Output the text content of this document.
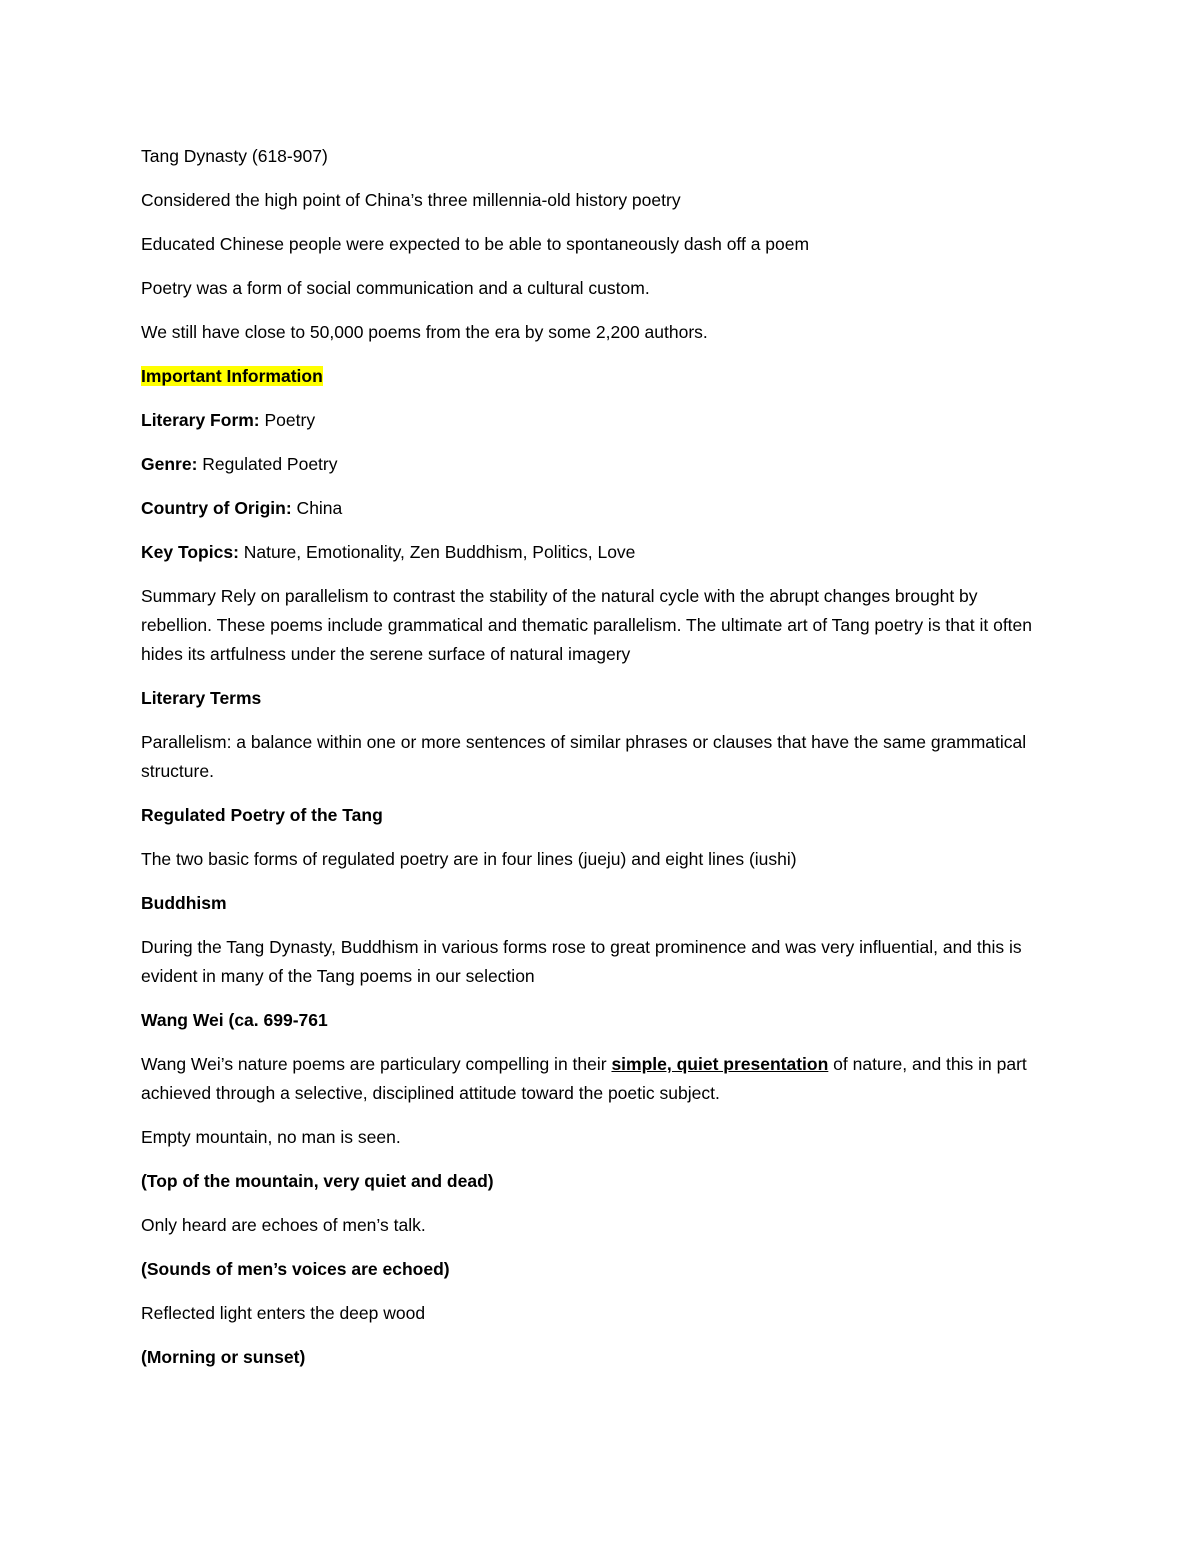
Tang Dynasty (618-907)

Considered the high point of China’s three millennia-old history poetry

Educated Chinese people were expected to be able to spontaneously dash off a poem

Poetry was a form of social communication and a cultural custom.

We still have close to 50,000 poems from the era by some 2,200 authors.

Important Information

Literary Form: Poetry

Genre: Regulated Poetry

Country of Origin: China

Key Topics: Nature, Emotionality, Zen Buddhism, Politics, Love

Summary Rely on parallelism to contrast the stability of the natural cycle with the abrupt changes brought by rebellion. These poems include grammatical and thematic parallelism. The ultimate art of Tang poetry is that it often hides its artfulness under the serene surface of natural imagery

Literary Terms

Parallelism: a balance within one or more sentences of similar phrases or clauses that have the same grammatical structure.

Regulated Poetry of the Tang

The two basic forms of regulated poetry are in four lines (jueju) and eight lines (iushi)

Buddhism

During the Tang Dynasty, Buddhism in various forms rose to great prominence and was very influential, and this is evident in many of the Tang poems in our selection

Wang Wei (ca. 699-761

Wang Wei’s nature poems are particulary compelling in their simple, quiet presentation of nature, and this in part achieved through a selective, disciplined attitude toward the poetic subject.

Empty mountain, no man is seen.

(Top of the mountain, very quiet and dead)

Only heard are echoes of men’s talk.

(Sounds of men’s voices are echoed)

Reflected light enters the deep wood

(Morning or sunset)
